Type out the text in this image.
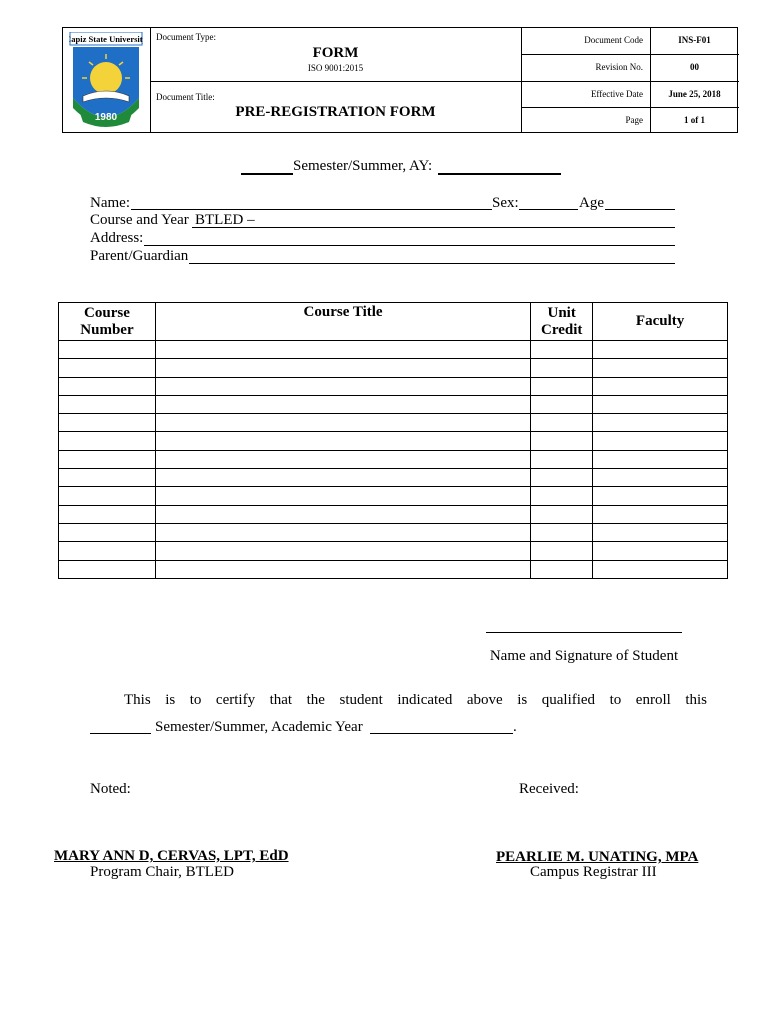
Capiz State University
1980
Document Type:
FORM
ISO 9001:2015
Document Title:
PRE-REGISTRATION FORM
Document Code	INS-F01
Revision No.	00
Effective Date	June 25, 2018
Page	1 of 1
Semester/Summer, AY:
Name:	Sex:	Age
Course and Year BTLED –
Address:
Parent/Guardian
Course Number	Course Title	Unit Credit	Faculty

Name and Signature of Student
This is to certify that the student indicated above is qualified to enroll this
Semester/Summer, Academic Year	.
Noted:	Received:
MARY ANN D, CERVAS, LPT, EdD
Program Chair, BTLED
PEARLIE M. UNATING, MPA
Campus Registrar III
